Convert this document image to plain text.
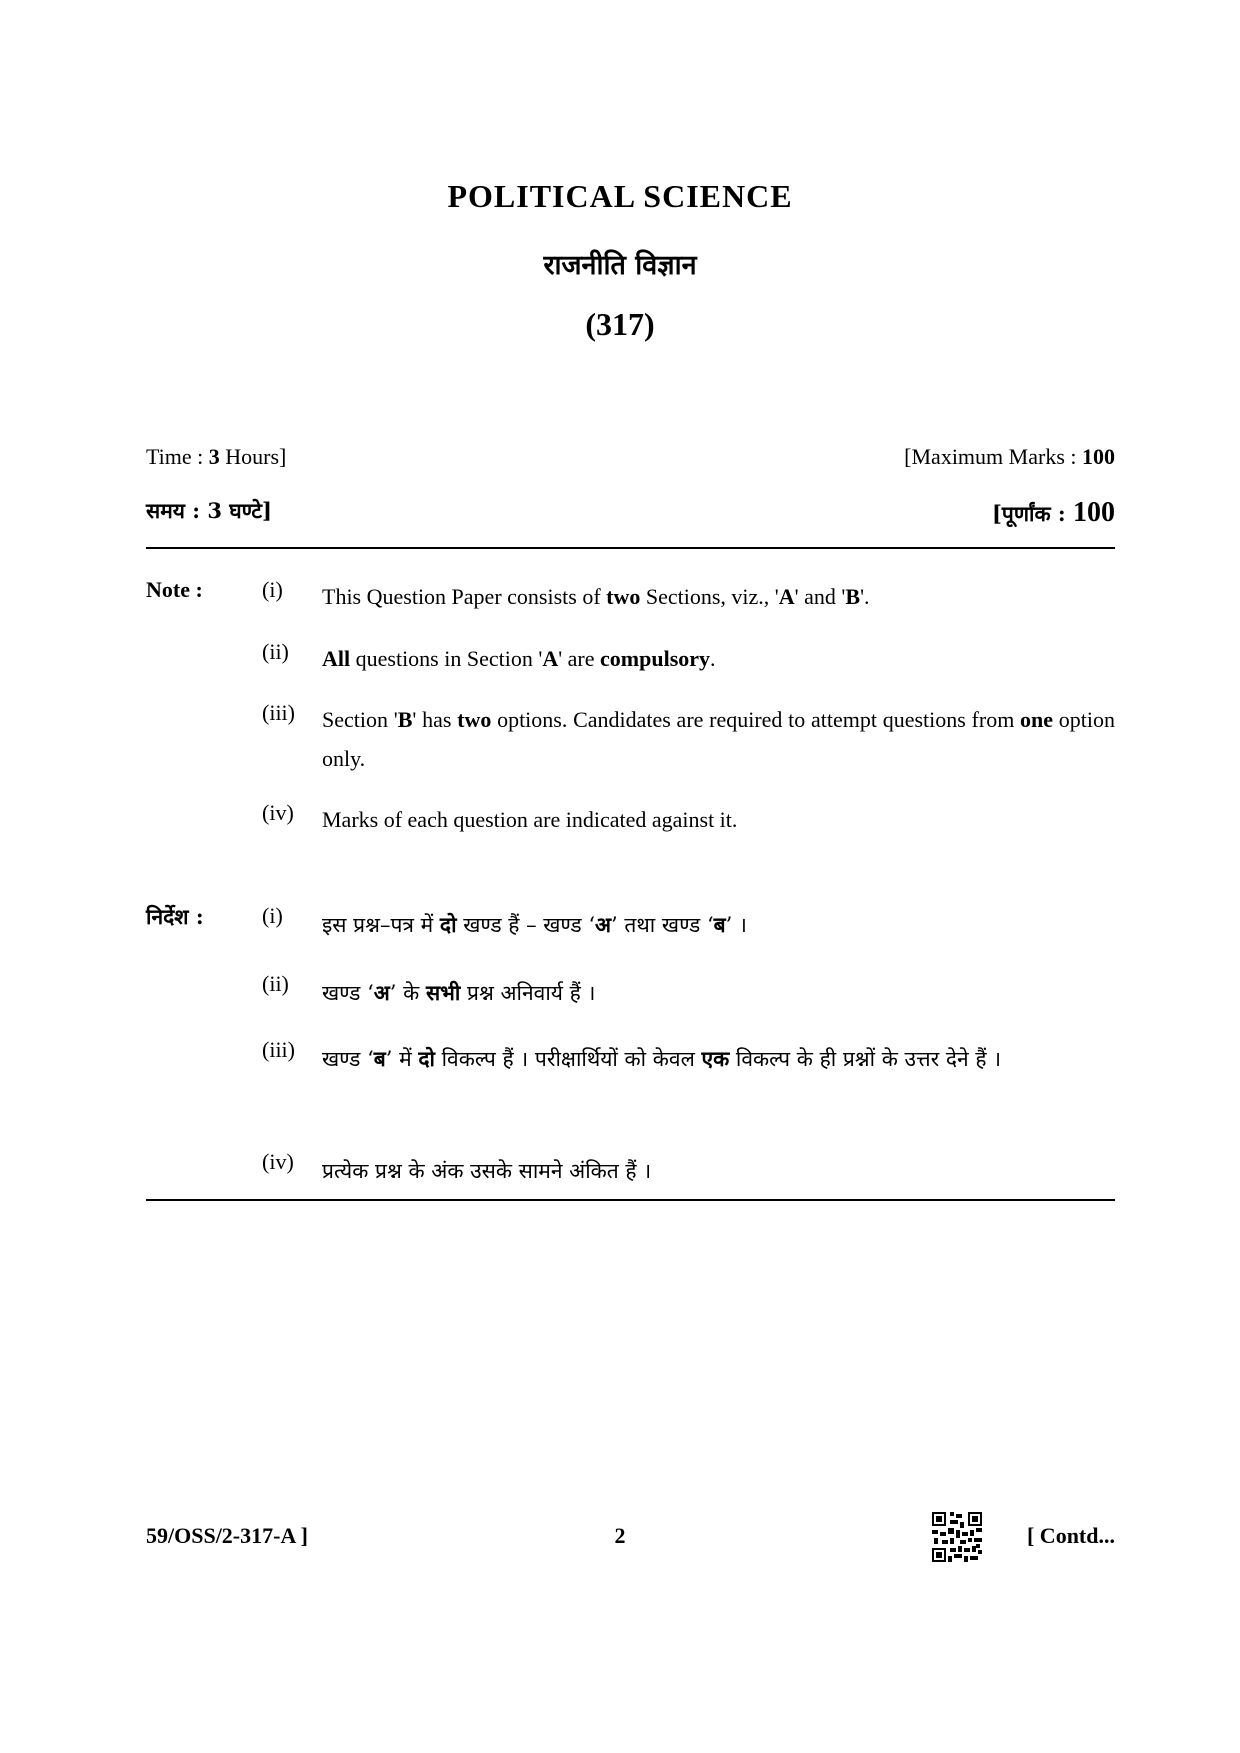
POLITICAL SCIENCE
राजनीति विज्ञान
(317)
Time : 3 Hours]	[Maximum Marks : 100
समय : 3 घण्टे]	[पूर्णांक : 100
Note :	(i) This Question Paper consists of two Sections, viz., 'A' and 'B'.
(ii) All questions in Section 'A' are compulsory.
(iii) Section 'B' has two options. Candidates are required to attempt questions from one option only.
(iv) Marks of each question are indicated against it.
निर्देश :	(i) इस प्रश्न–पत्र में दो खण्ड हैं – खण्ड ‘अ’ तथा खण्ड ‘ब’ ।
(ii) खण्ड ‘अ’ के सभी प्रश्न अनिवार्य हैं ।
(iii) खण्ड ‘ब’ में दो विकल्प हैं । परीक्षार्थियों को केवल एक विकल्प के ही प्रश्नों के उत्तर देने हैं ।
(iv) प्रत्येक प्रश्न के अंक उसके सामने अंकित हैं ।
59/OSS/2-317-A ]	2	[ Contd...
